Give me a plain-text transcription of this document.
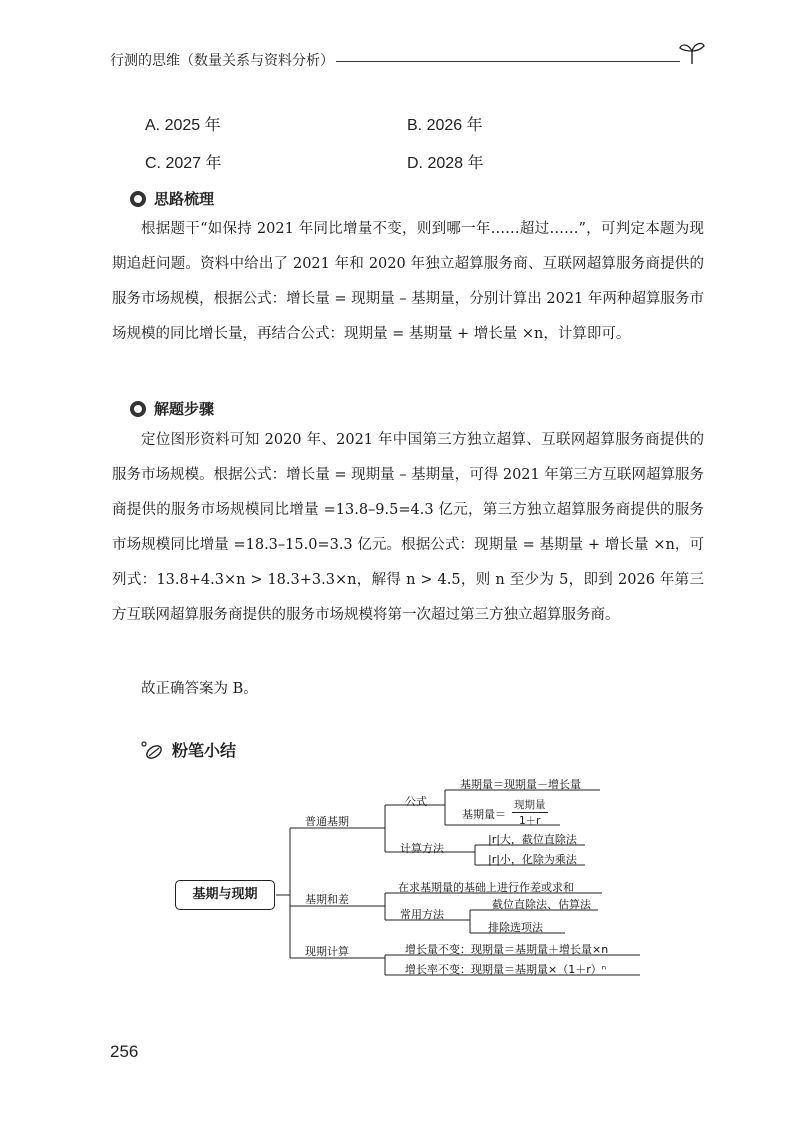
行测的思维（数量关系与资料分析）
A. 2025 年	B. 2026 年
C. 2027 年	D. 2028 年
思路梳理
根据题干“如保持 2021 年同比增量不变，则到哪一年……超过……”，可判定本题为现期追赶问题。资料中给出了 2021 年和 2020 年独立超算服务商、互联网超算服务商提供的服务市场规模，根据公式：增长量 = 现期量 – 基期量，分别计算出 2021 年两种超算服务市场规模的同比增长量，再结合公式：现期量 = 基期量 + 增长量 ×n，计算即可。
解题步骤
定位图形资料可知 2020 年、2021 年中国第三方独立超算、互联网超算服务商提供的服务市场规模。根据公式：增长量 = 现期量 – 基期量，可得 2021 年第三方互联网超算服务商提供的服务市场规模同比增量 =13.8–9.5=4.3 亿元，第三方独立超算服务商提供的服务市场规模同比增量 =18.3–15.0=3.3 亿元。根据公式：现期量 = 基期量 + 增长量 ×n，可列式：13.8+4.3×n > 18.3+3.3×n，解得 n > 4.5，则 n 至少为 5，即到 2026 年第三方互联网超算服务商提供的服务市场规模将第一次超过第三方独立超算服务商。
故正确答案为 B。
粉笔小结
基期与现期
普通基期
公式
基期量＝现期量－增长量
基期量＝
现期量
1＋r
计算方法
|r|大，截位直除法
|r|小，化除为乘法
基期和差
在求基期量的基础上进行作差或求和
常用方法
截位直除法、估算法
排除选项法
现期计算	增长量不变：现期量＝基期量＋增长量×n
增长率不变：现期量＝基期量×（1＋r）ⁿ
256
